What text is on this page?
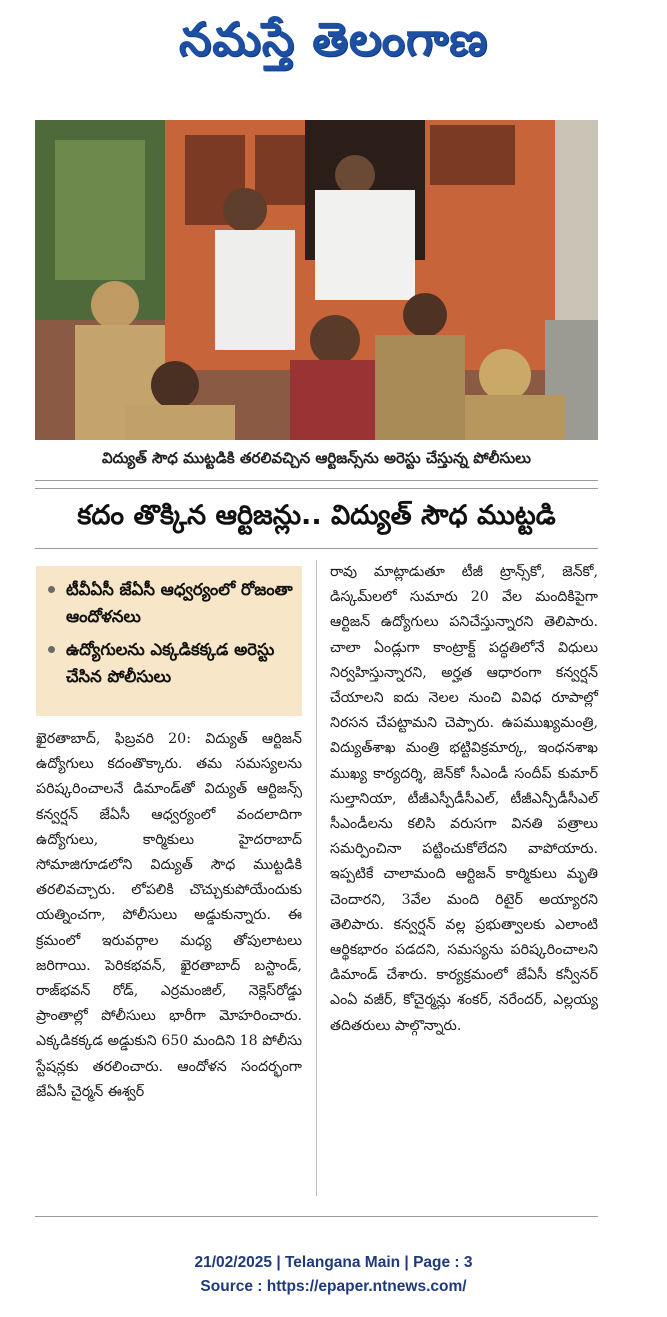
నమస్తే తెలంగాణ
విద్యుత్ సౌధ ముట్టడికి తరలివచ్చిన ఆర్టిజన్స్‌ను అరెస్టు చేస్తున్న పోలీసులు
కదం తొక్కిన ఆర్టిజన్లు.. విద్యుత్ సౌధ ముట్టడి
టీవీఏసీ జేఏసీ ఆధ్వర్యంలో రోజంతా ఆందోళనలు
ఉద్యోగులను ఎక్కడికక్కడ అరెస్టు చేసిన పోలీసులు

ఖైరతాబాద్, ఫిబ్రవరి 20: విద్యుత్ ఆర్టిజన్ ఉద్యోగులు కదంతొక్కారు. తమ సమస్యలను పరిష్కరించాలనే డిమాండ్‌తో విద్యుత్ ఆర్టిజన్స్ కన్వర్షన్ జేఏసీ ఆధ్వర్యంలో వందలాదిగా ఉద్యోగులు, కార్మికులు హైదరాబాద్ సోమాజిగూడలోని విద్యుత్ సౌధ ముట్టడికి తరలివచ్చారు. లోపలికి చొచ్చుకుపోయేందుకు యత్నించగా, పోలీసులు అడ్డుకున్నారు. ఈ క్రమంలో ఇరువర్గాల మధ్య తోపులాటలు జరిగాయి. పెరికభవన్, ఖైరతాబాద్ బస్టాండ్, రాజ్‌భవన్ రోడ్, ఎర్రమంజిల్, నెక్లెస్‌రోడ్డు ప్రాంతాల్లో పోలీసులు భారీగా మోహరించారు. ఎక్కడికక్కడ అడ్డుకుని 650 మందిని 18 పోలీసు స్టేషన్లకు తరలించారు. ఆందోళన సందర్భంగా జేఏసీ చైర్మన్ ఈశ్వర్

రావు మాట్లాడుతూ టీజీ ట్రాన్స్‌కో, జెన్‌కో, డిస్కమ్‌లలో సుమారు 20 వేల మందికిపైగా ఆర్టిజన్ ఉద్యోగులు పనిచేస్తున్నారని తెలిపారు. చాలా ఏండ్లుగా కాంట్రాక్ట్ పద్ధతిలోనే విధులు నిర్వహిస్తున్నారని, అర్హత ఆధారంగా కన్వర్షన్ చేయాలని ఐదు నెలల నుంచి వివిధ రూపాల్లో నిరసన చేపట్టామని చెప్పారు. ఉపముఖ్యమంత్రి, విద్యుత్‌శాఖ మంత్రి భట్టివిక్రమార్క, ఇంధనశాఖ ముఖ్య కార్యదర్శి, జెన్‌కో సీఎండీ సందీప్ కుమార్ సుల్తానియా, టీజీఎస్పీడీసీఎల్, టీజీఎన్పీడీసీఎల్ సీఎండీలను కలిసి వరుసగా వినతి పత్రాలు సమర్పించినా పట్టించుకోలేదని వాపోయారు. ఇప్పటికే చాలామంది ఆర్టిజన్ కార్మికులు మృతి చెందారని, 3వేల మంది రిటైర్ అయ్యారని తెలిపారు. కన్వర్షన్ వల్ల ప్రభుత్వాలకు ఎలాంటి ఆర్థికభారం పడదని, సమస్యను పరిష్కరించాలని డిమాండ్ చేశారు. కార్యక్రమంలో జేఏసీ కన్వీనర్ ఎంఏ వజీర్, కోచైర్మన్లు శంకర్, నరేందర్, ఎల్లయ్య తదితరులు పాల్గొన్నారు.

21/02/2025 | Telangana Main | Page : 3
Source : https://epaper.ntnews.com/
